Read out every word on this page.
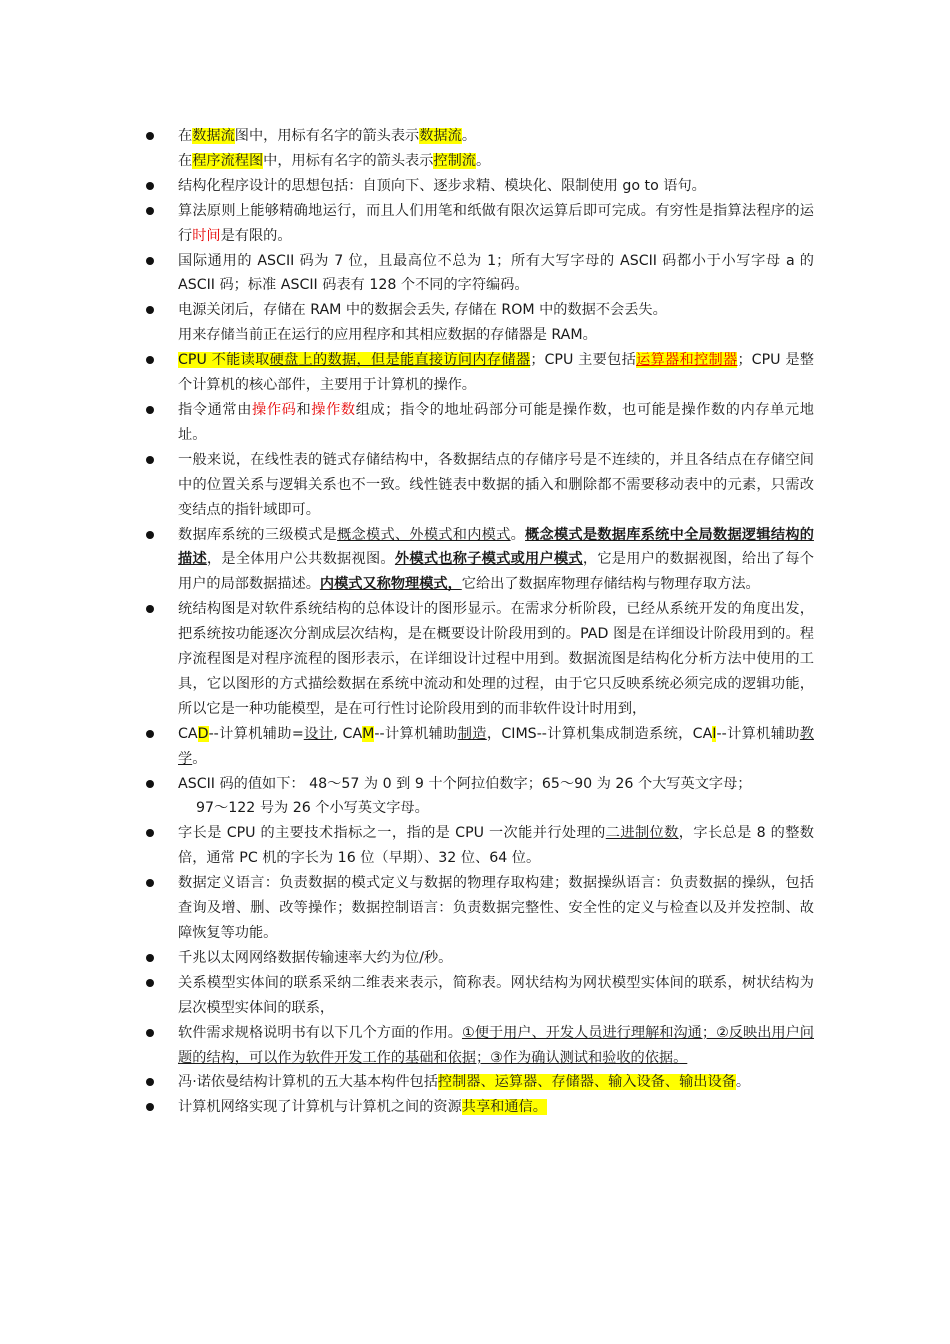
在数据流图中，用标有名字的箭头表示数据流。
在程序流程图中，用标有名字的箭头表示控制流。
结构化程序设计的思想包括：自顶向下、逐步求精、模块化、限制使用 go to 语句。
算法原则上能够精确地运行，而且人们用笔和纸做有限次运算后即可完成。有穷性是指算法程序的运行时间是有限的。
国际通用的 ASCII 码为 7 位，且最高位不总为 1；所有大写字母的 ASCII 码都小于小写字母 a 的 ASCII 码；标准 ASCII 码表有 128 个不同的字符编码。
电源关闭后，存储在 RAM 中的数据会丢失, 存储在 ROM 中的数据不会丢失。
用来存储当前正在运行的应用程序和其相应数据的存储器是 RAM。
CPU 不能读取硬盘上的数据，但是能直接访问内存储器；CPU 主要包括运算器和控制器；CPU 是整个计算机的核心部件，主要用于计算机的操作。
指令通常由操作码和操作数组成；指令的地址码部分可能是操作数，也可能是操作数的内存单元地址。
一般来说，在线性表的链式存储结构中，各数据结点的存储序号是不连续的，并且各结点在存储空间中的位置关系与逻辑关系也不一致。线性链表中数据的插入和删除都不需要移动表中的元素，只需改变结点的指针域即可。
数据库系统的三级模式是概念模式、外模式和内模式。概念模式是数据库系统中全局数据逻辑结构的描述，是全体用户公共数据视图。外模式也称子模式或用户模式，它是用户的数据视图，给出了每个用户的局部数据描述。内模式又称物理模式，它给出了数据库物理存储结构与物理存取方法。
统结构图是对软件系统结构的总体设计的图形显示。在需求分析阶段，已经从系统开发的角度出发，把系统按功能逐次分割成层次结构，是在概要设计阶段用到的。PAD 图是在详细设计阶段用到的。程序流程图是对程序流程的图形表示，在详细设计过程中用到。数据流图是结构化分析方法中使用的工具，它以图形的方式描绘数据在系统中流动和处理的过程，由于它只反映系统必须完成的逻辑功能，所以它是一种功能模型，是在可行性讨论阶段用到的而非软件设计时用到，
CAD--计算机辅助=设计, CAM--计算机辅助制造，CIMS--计算机集成制造系统，CAI--计算机辅助教学。
ASCII 码的值如下： 48～57 为 0 到 9 十个阿拉伯数字；65～90 为 26 个大写英文字母；
97～122 号为 26 个小写英文字母。
字长是 CPU 的主要技术指标之一，指的是 CPU 一次能并行处理的二进制位数，字长总是 8 的整数倍，通常 PC 机的字长为 16 位（早期）、32 位、64 位。
数据定义语言：负责数据的模式定义与数据的物理存取构建；数据操纵语言：负责数据的操纵，包括查询及增、删、改等操作；数据控制语言：负责数据完整性、安全性的定义与检查以及并发控制、故障恢复等功能。
千兆以太网网络数据传输速率大约为位/秒。
关系模型实体间的联系采纳二维表来表示，简称表。网状结构为网状模型实体间的联系，树状结构为层次模型实体间的联系，
软件需求规格说明书有以下几个方面的作用。①便于用户、开发人员进行理解和沟通；②反映出用户问题的结构，可以作为软件开发工作的基础和依据；③作为确认测试和验收的依据。
冯·诺依曼结构计算机的五大基本构件包括控制器、运算器、存储器、输入设备、输出设备。
计算机网络实现了计算机与计算机之间的资源共享和通信。
